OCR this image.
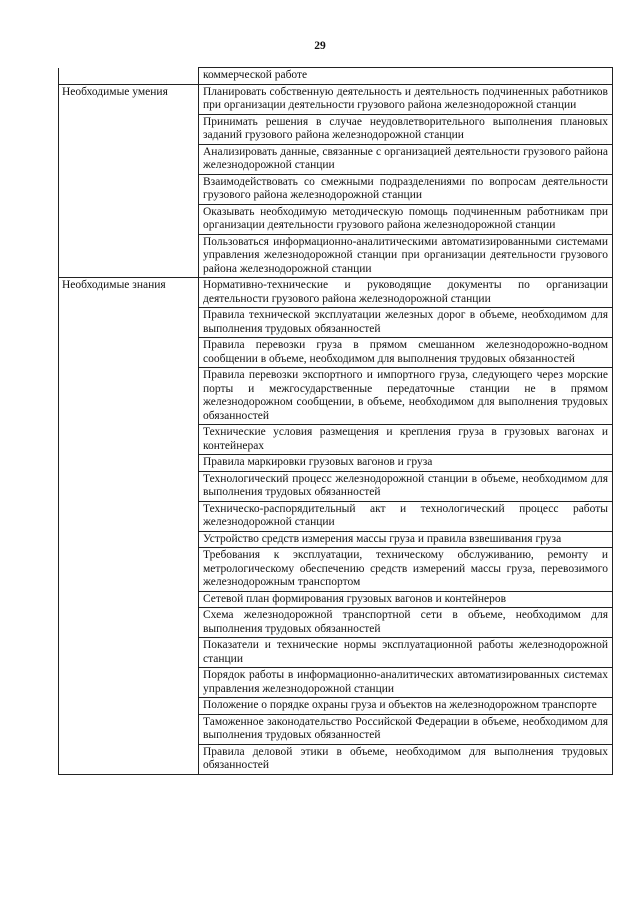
29
	коммерческой работе
Необходимые умения	Планировать собственную деятельность и деятельность подчиненных работников при организации деятельности грузового района железнодорожной станции
	Принимать решения в случае неудовлетворительного выполнения плановых заданий грузового района железнодорожной станции
	Анализировать данные, связанные с организацией деятельности грузового района железнодорожной станции
	Взаимодействовать со смежными подразделениями по вопросам деятельности грузового района железнодорожной станции
	Оказывать необходимую методическую помощь подчиненным работникам при организации деятельности грузового района железнодорожной станции
	Пользоваться информационно-аналитическими автоматизированными системами управления железнодорожной станции при организации деятельности грузового района железнодорожной станции
Необходимые знания	Нормативно-технические и руководящие документы по организации деятельности грузового района железнодорожной станции
	Правила технической эксплуатации железных дорог в объеме, необходимом для выполнения трудовых обязанностей
	Правила перевозки груза в прямом смешанном железнодорожно-водном сообщении в объеме, необходимом для выполнения трудовых обязанностей
	Правила перевозки экспортного и импортного груза, следующего через морские порты и межгосударственные передаточные станции не в прямом железнодорожном сообщении, в объеме, необходимом для выполнения трудовых обязанностей
	Технические условия размещения и крепления груза в грузовых вагонах и контейнерах
	Правила маркировки грузовых вагонов и груза
	Технологический процесс железнодорожной станции в объеме, необходимом для выполнения трудовых обязанностей
	Техническо-распорядительный акт и технологический процесс работы железнодорожной станции
	Устройство средств измерения массы груза и правила взвешивания груза
	Требования к эксплуатации, техническому обслуживанию, ремонту и метрологическому обеспечению средств измерений массы груза, перевозимого железнодорожным транспортом
	Сетевой план формирования грузовых вагонов и контейнеров
	Схема железнодорожной транспортной сети в объеме, необходимом для выполнения трудовых обязанностей
	Показатели и технические нормы эксплуатационной работы железнодорожной станции
	Порядок работы в информационно-аналитических автоматизированных системах управления железнодорожной станции
	Положение о порядке охраны груза и объектов на железнодорожном транспорте
	Таможенное законодательство Российской Федерации в объеме, необходимом для выполнения трудовых обязанностей
	Правила деловой этики в объеме, необходимом для выполнения трудовых обязанностей
